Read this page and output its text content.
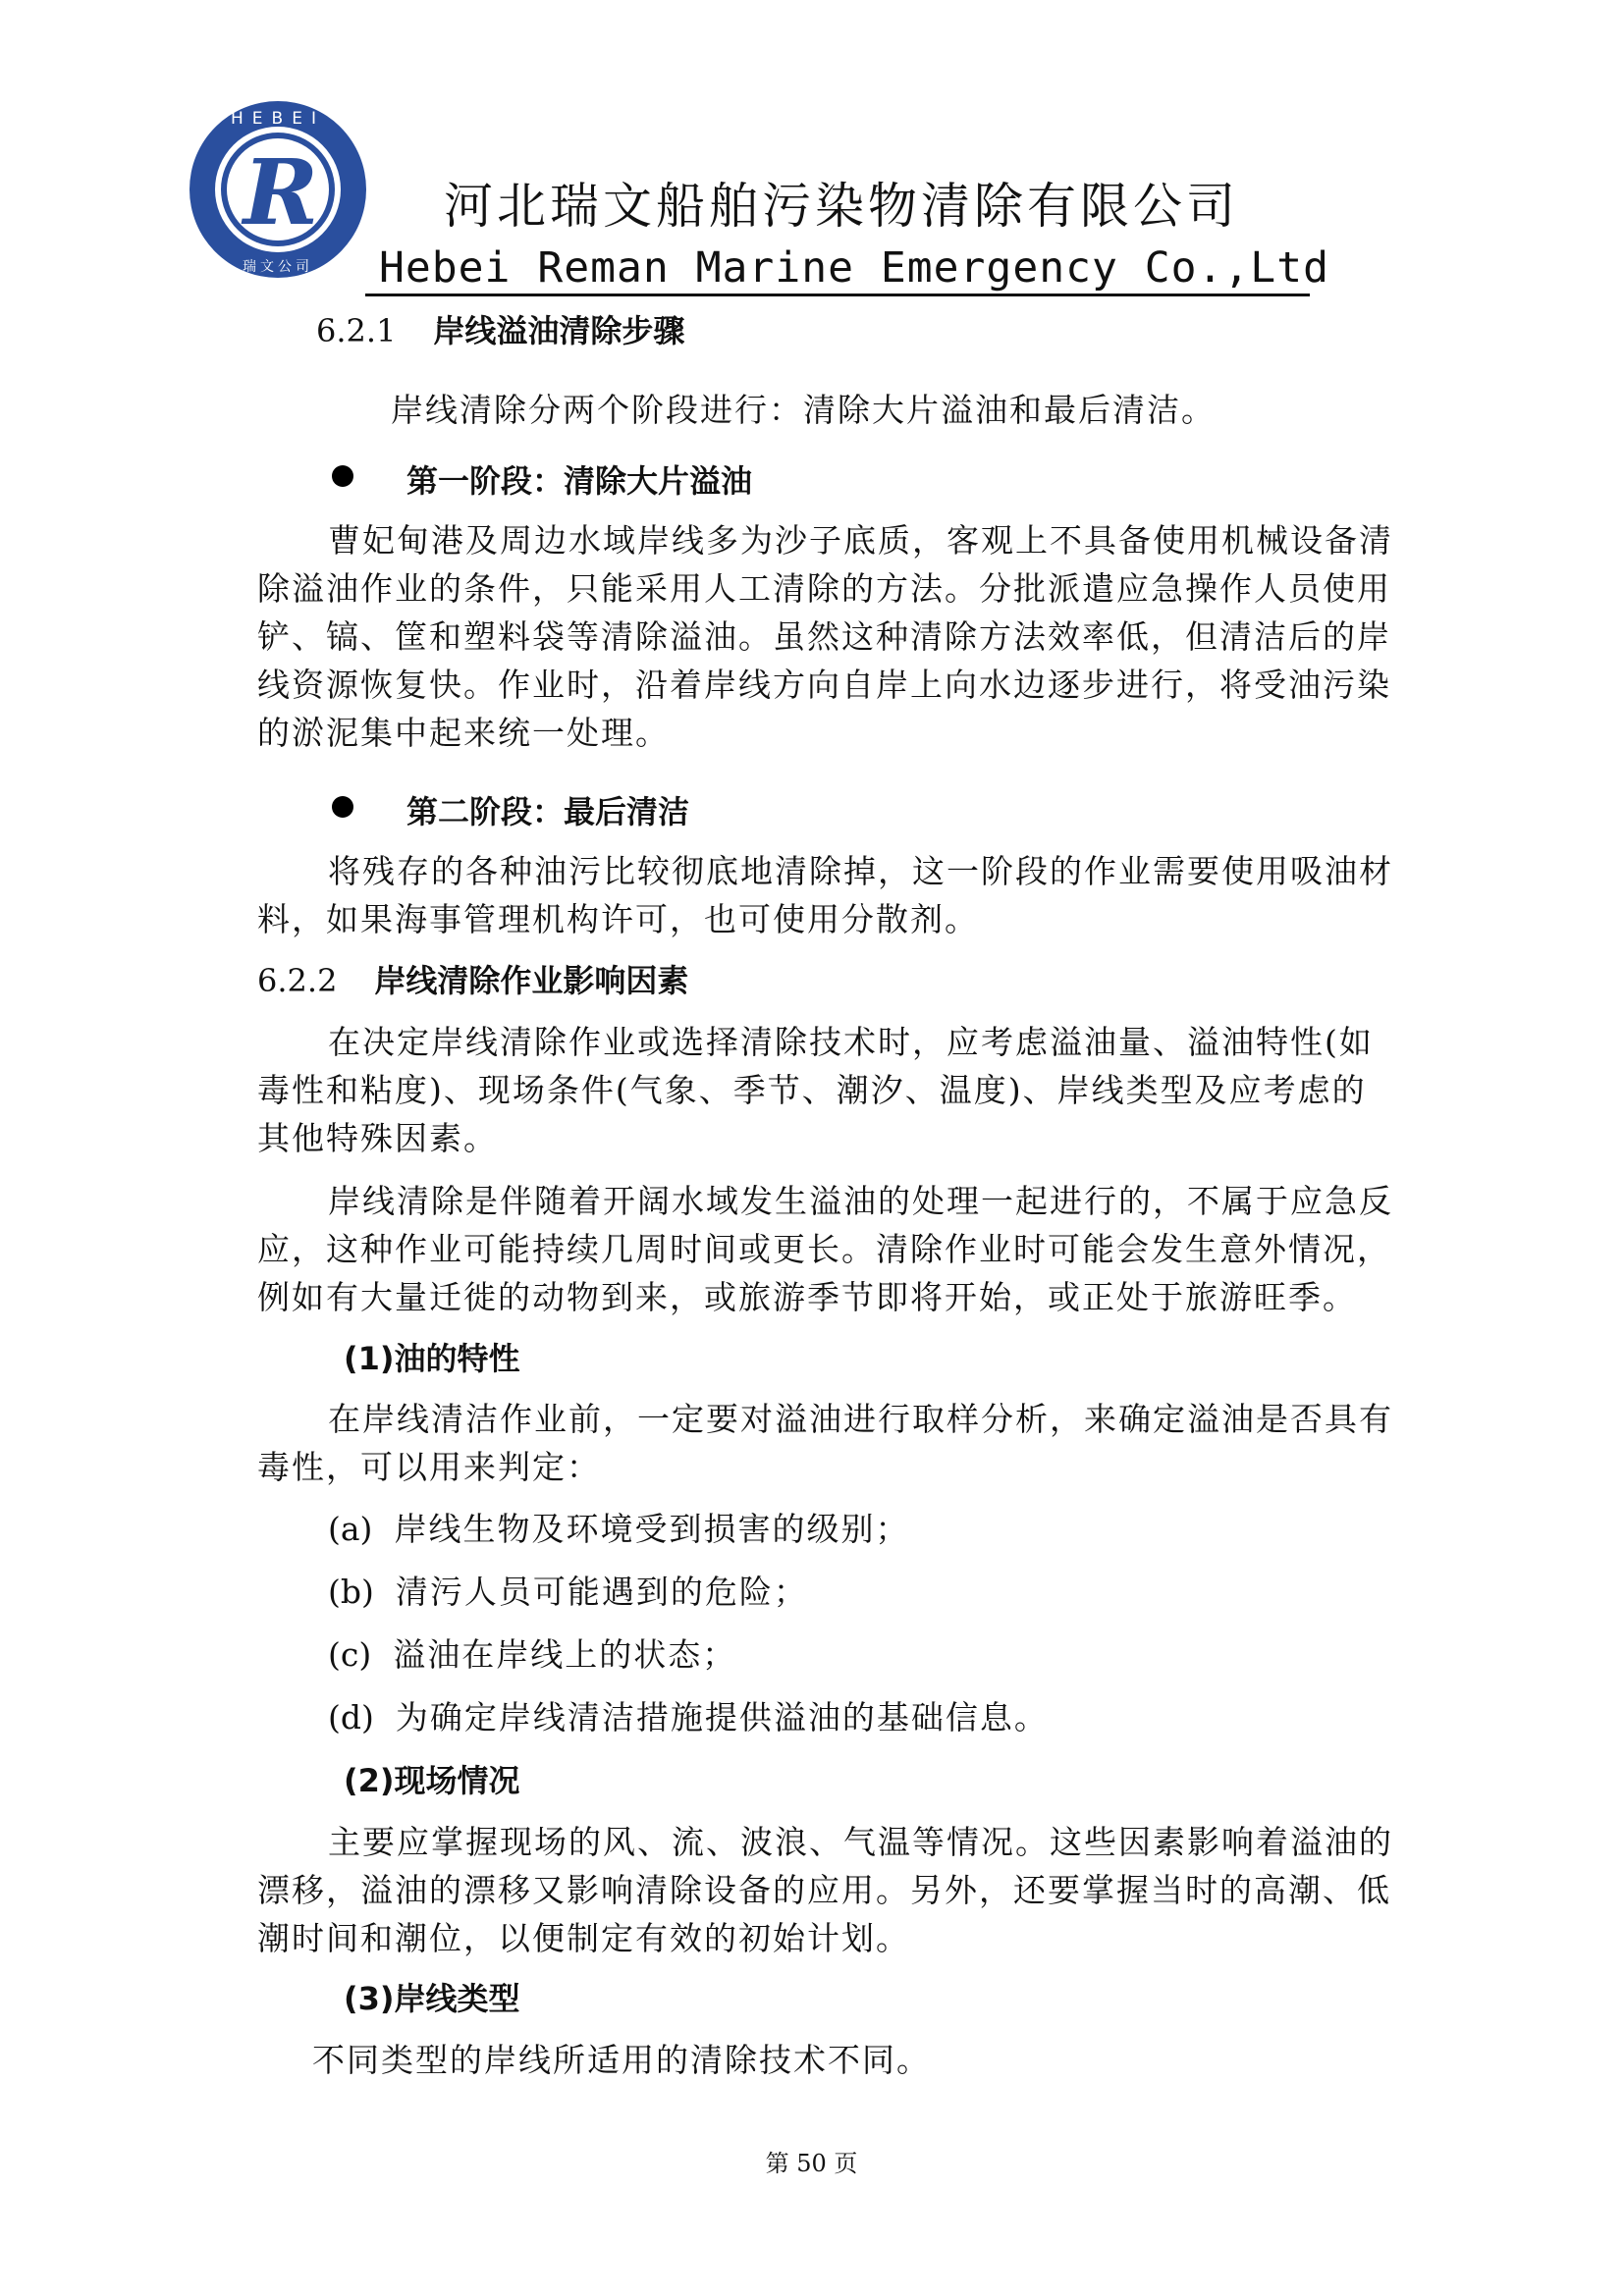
HEBEI
瑞文公司
R	河北瑞文船舶污染物清除有限公司
Hebei Reman Marine Emergency Co.,Ltd
6.2.1 岸线溢油清除步骤
岸线清除分两个阶段进行：清除大片溢油和最后清洁。
第一阶段：清除大片溢油
曹妃甸港及周边水域岸线多为沙子底质，客观上不具备使用机械设备清
除溢油作业的条件，只能采用人工清除的方法。分批派遣应急操作人员使用
铲、镐、筐和塑料袋等清除溢油。虽然这种清除方法效率低，但清洁后的岸
线资源恢复快。作业时，沿着岸线方向自岸上向水边逐步进行，将受油污染
的淤泥集中起来统一处理。
第二阶段：最后清洁
将残存的各种油污比较彻底地清除掉，这一阶段的作业需要使用吸油材
料，如果海事管理机构许可，也可使用分散剂。
6.2.2 岸线清除作业影响因素
在决定岸线清除作业或选择清除技术时，应考虑溢油量、溢油特性(如
毒性和粘度)、现场条件(气象、季节、潮汐、温度)、岸线类型及应考虑的
其他特殊因素。
岸线清除是伴随着开阔水域发生溢油的处理一起进行的，不属于应急反
应，这种作业可能持续几周时间或更长。清除作业时可能会发生意外情况，
例如有大量迁徙的动物到来，或旅游季节即将开始，或正处于旅游旺季。
(1)油的特性
在岸线清洁作业前，一定要对溢油进行取样分析，来确定溢油是否具有
毒性，可以用来判定：
(a) 岸线生物及环境受到损害的级别；
(b) 清污人员可能遇到的危险；
(c) 溢油在岸线上的状态；
(d) 为确定岸线清洁措施提供溢油的基础信息。
(2)现场情况
主要应掌握现场的风、流、波浪、气温等情况。这些因素影响着溢油的
漂移，溢油的漂移又影响清除设备的应用。另外，还要掌握当时的高潮、低
潮时间和潮位，以便制定有效的初始计划。
(3)岸线类型
不同类型的岸线所适用的清除技术不同。
第 50 页
